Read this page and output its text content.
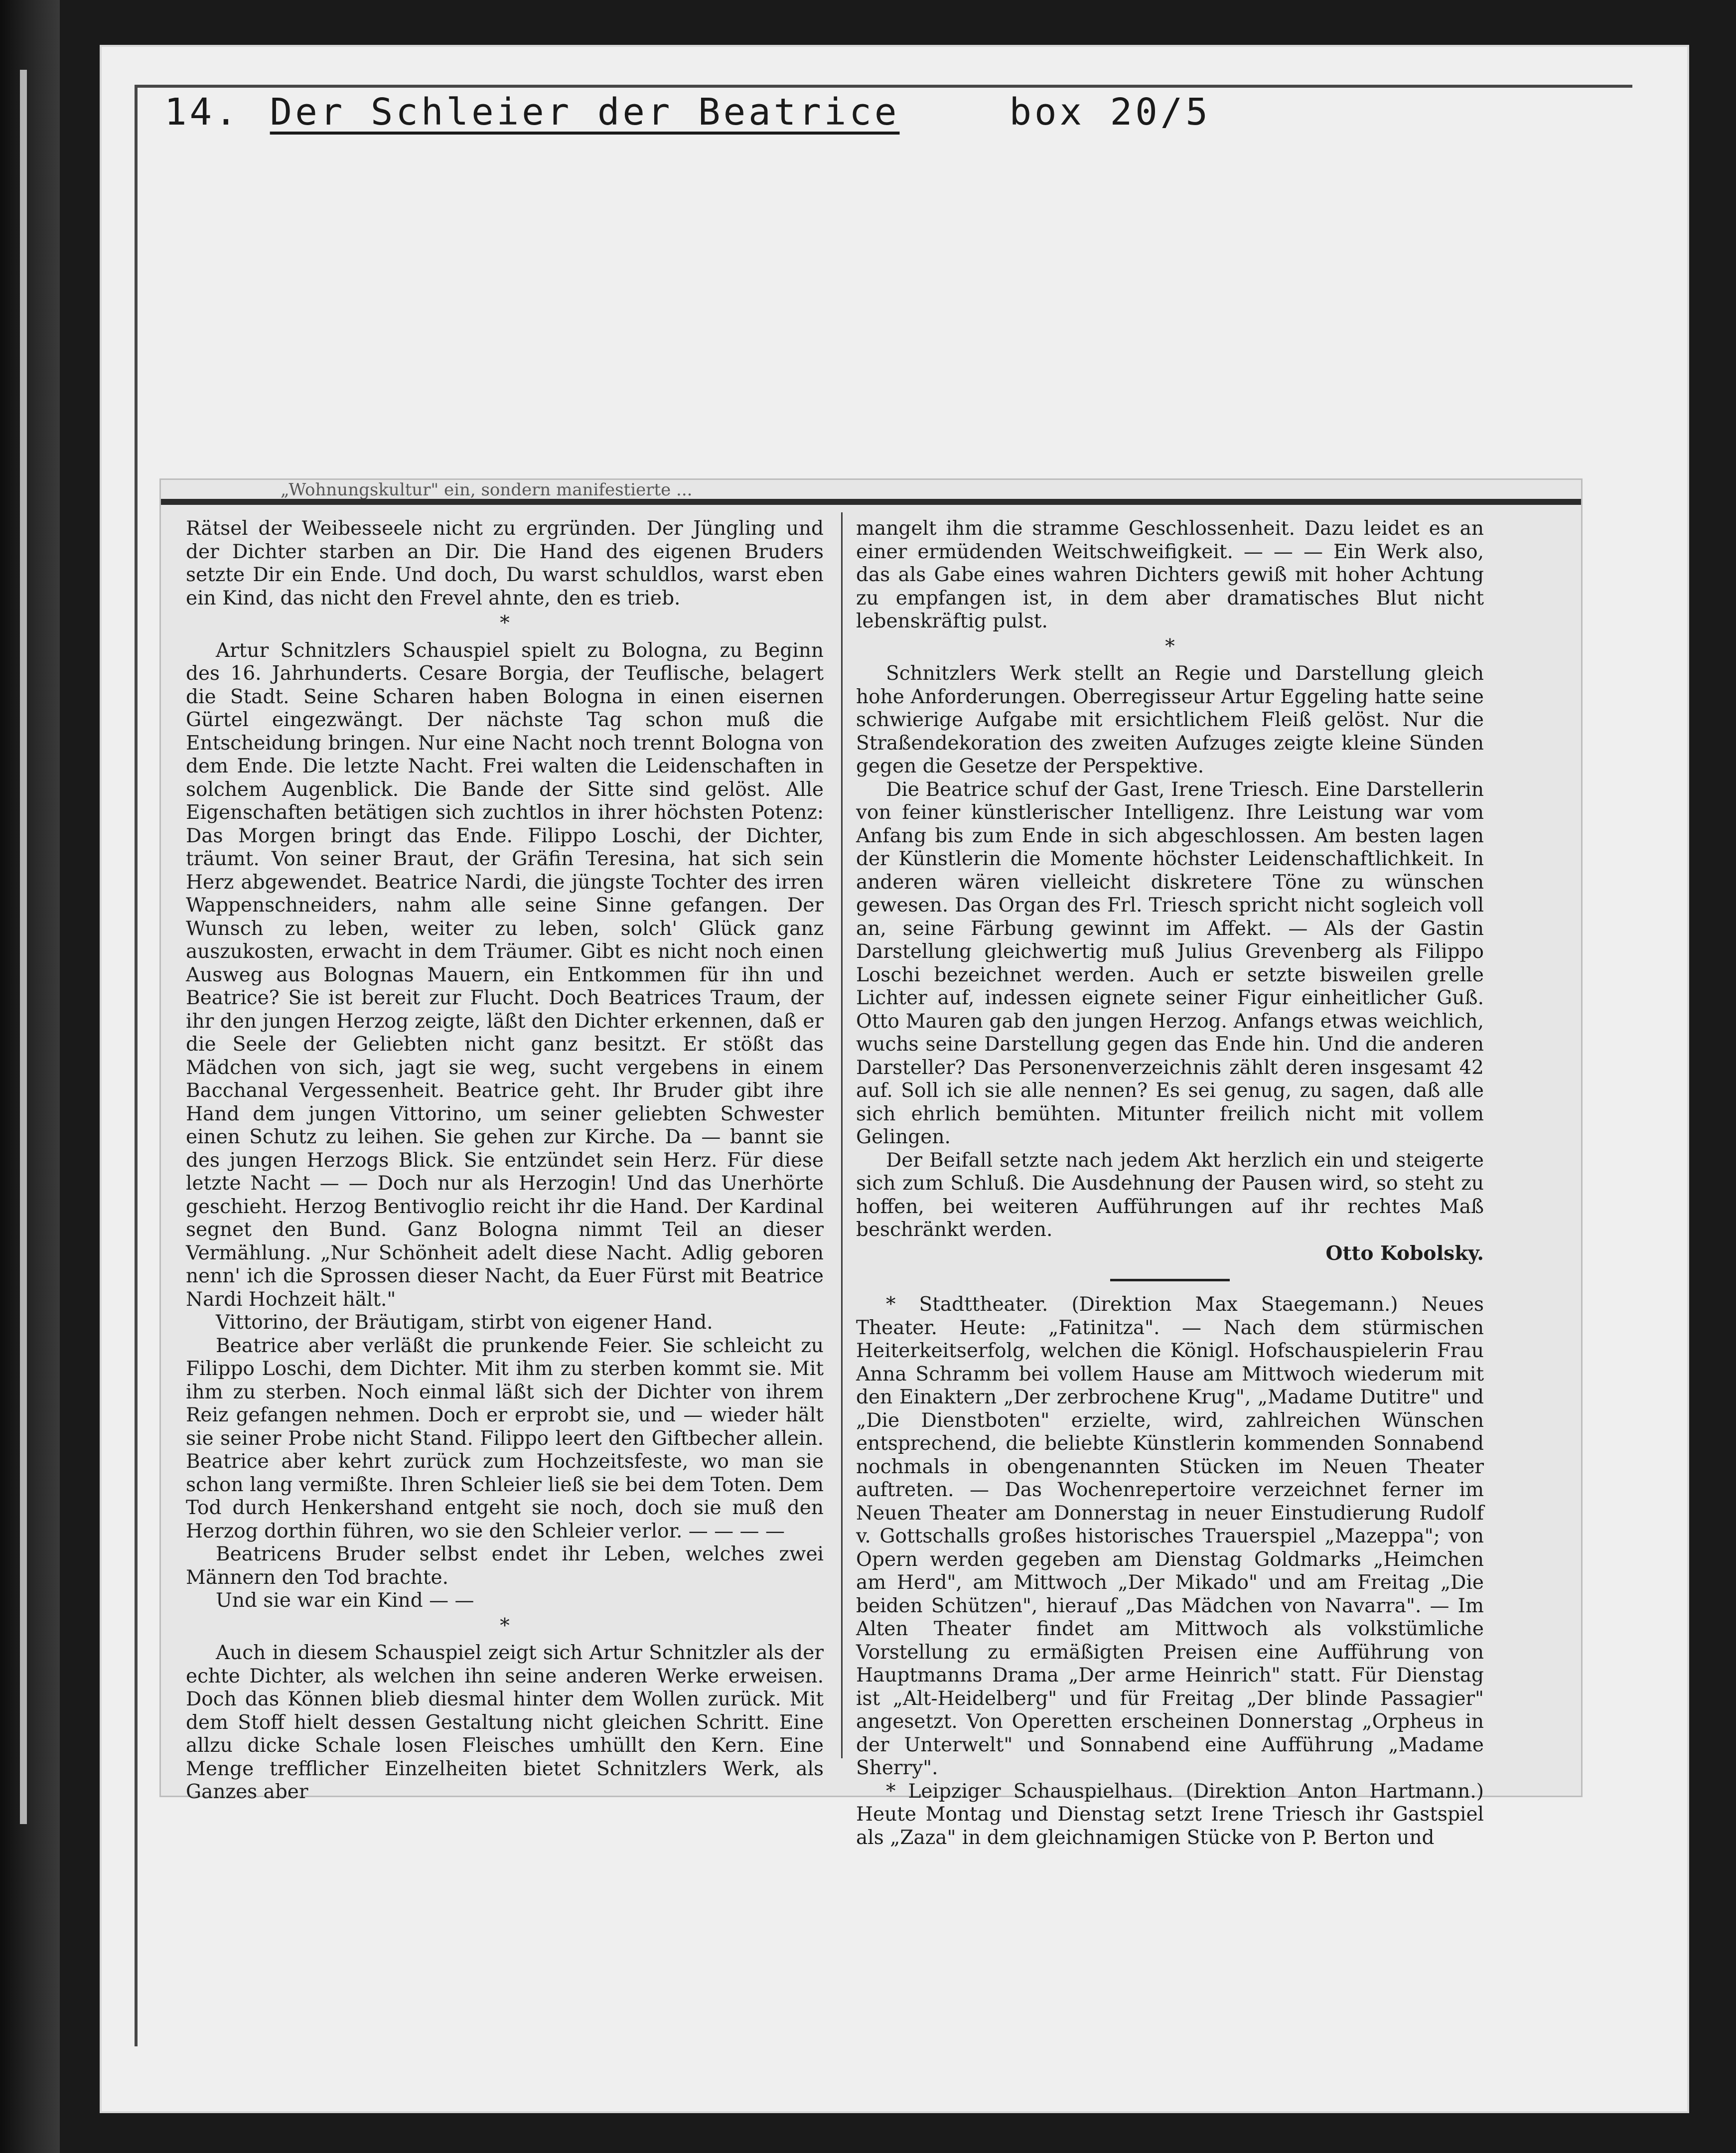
14. Der Schleier der Beatrice	box 20/5
„Wohnungskultur" ein, sondern manifestierte ...

Rätsel der Weibesseele nicht zu ergründen. Der Jüngling und der Dichter starben an Dir. Die Hand des eigenen Bruders setzte Dir ein Ende. Und doch, Du warst schuldlos, warst eben ein Kind, das nicht den Frevel ahnte, den es trieb.

*

Artur Schnitzlers Schauspiel spielt zu Bologna, zu Beginn des 16. Jahrhunderts. Cesare Borgia, der Teuflische, belagert die Stadt. Seine Scharen haben Bologna in einen eisernen Gürtel eingezwängt. Der nächste Tag schon muß die Entscheidung bringen. Nur eine Nacht noch trennt Bologna von dem Ende. Die letzte Nacht. Frei walten die Leidenschaften in solchem Augenblick. Die Bande der Sitte sind gelöst. Alle Eigenschaften betätigen sich zuchtlos in ihrer höchsten Potenz: Das Morgen bringt das Ende. Filippo Loschi, der Dichter, träumt. Von seiner Braut, der Gräfin Teresina, hat sich sein Herz abgewendet. Beatrice Nardi, die jüngste Tochter des irren Wappenschneiders, nahm alle seine Sinne gefangen. Der Wunsch zu leben, weiter zu leben, solch' Glück ganz auszukosten, erwacht in dem Träumer. Gibt es nicht noch einen Ausweg aus Bolognas Mauern, ein Entkommen für ihn und Beatrice? Sie ist bereit zur Flucht. Doch Beatrices Traum, der ihr den jungen Herzog zeigte, läßt den Dichter erkennen, daß er die Seele der Geliebten nicht ganz besitzt. Er stößt das Mädchen von sich, jagt sie weg, sucht vergebens in einem Bacchanal Vergessenheit. Beatrice geht. Ihr Bruder gibt ihre Hand dem jungen Vittorino, um seiner geliebten Schwester einen Schutz zu leihen. Sie gehen zur Kirche. Da — bannt sie des jungen Herzogs Blick. Sie entzündet sein Herz. Für diese letzte Nacht — — Doch nur als Herzogin! Und das Unerhörte geschieht. Herzog Bentivoglio reicht ihr die Hand. Der Kardinal segnet den Bund. Ganz Bologna nimmt Teil an dieser Vermählung. „Nur Schönheit adelt diese Nacht. Adlig geboren nenn' ich die Sprossen dieser Nacht, da Euer Fürst mit Beatrice Nardi Hochzeit hält."

Vittorino, der Bräutigam, stirbt von eigener Hand.

Beatrice aber verläßt die prunkende Feier. Sie schleicht zu Filippo Loschi, dem Dichter. Mit ihm zu sterben kommt sie. Mit ihm zu sterben. Noch einmal läßt sich der Dichter von ihrem Reiz gefangen nehmen. Doch er erprobt sie, und — wieder hält sie seiner Probe nicht Stand. Filippo leert den Giftbecher allein. Beatrice aber kehrt zurück zum Hochzeitsfeste, wo man sie schon lang vermißte. Ihren Schleier ließ sie bei dem Toten. Dem Tod durch Henkershand entgeht sie noch, doch sie muß den Herzog dorthin führen, wo sie den Schleier verlor. — — — —

Beatricens Bruder selbst endet ihr Leben, welches zwei Männern den Tod brachte.

Und sie war ein Kind — —

*

Auch in diesem Schauspiel zeigt sich Artur Schnitzler als der echte Dichter, als welchen ihn seine anderen Werke erweisen. Doch das Können blieb diesmal hinter dem Wollen zurück. Mit dem Stoff hielt dessen Gestaltung nicht gleichen Schritt. Eine allzu dicke Schale losen Fleisches umhüllt den Kern. Eine Menge trefflicher Einzelheiten bietet Schnitzlers Werk, als Ganzes aber

mangelt ihm die stramme Geschlossenheit. Dazu leidet es an einer ermüdenden Weitschweifigkeit. — — — Ein Werk also, das als Gabe eines wahren Dichters gewiß mit hoher Achtung zu empfangen ist, in dem aber dramatisches Blut nicht lebenskräftig pulst.

*

Schnitzlers Werk stellt an Regie und Darstellung gleich hohe Anforderungen. Oberregisseur Artur Eggeling hatte seine schwierige Aufgabe mit ersichtlichem Fleiß gelöst. Nur die Straßendekoration des zweiten Aufzuges zeigte kleine Sünden gegen die Gesetze der Perspektive.

Die Beatrice schuf der Gast, Irene Triesch. Eine Darstellerin von feiner künstlerischer Intelligenz. Ihre Leistung war vom Anfang bis zum Ende in sich abgeschlossen. Am besten lagen der Künstlerin die Momente höchster Leidenschaftlichkeit. In anderen wären vielleicht diskretere Töne zu wünschen gewesen. Das Organ des Frl. Triesch spricht nicht sogleich voll an, seine Färbung gewinnt im Affekt. — Als der Gastin Darstellung gleichwertig muß Julius Grevenberg als Filippo Loschi bezeichnet werden. Auch er setzte bisweilen grelle Lichter auf, indessen eignete seiner Figur einheitlicher Guß. Otto Mauren gab den jungen Herzog. Anfangs etwas weichlich, wuchs seine Darstellung gegen das Ende hin. Und die anderen Darsteller? Das Personenverzeichnis zählt deren insgesamt 42 auf. Soll ich sie alle nennen? Es sei genug, zu sagen, daß alle sich ehrlich bemühten. Mitunter freilich nicht mit vollem Gelingen.

Der Beifall setzte nach jedem Akt herzlich ein und steigerte sich zum Schluß. Die Ausdehnung der Pausen wird, so steht zu hoffen, bei weiteren Aufführungen auf ihr rechtes Maß beschränkt werden.

Otto Kobolsky.

* Stadttheater. (Direktion Max Staegemann.) Neues Theater. Heute: „Fatinitza". — Nach dem stürmischen Heiterkeitserfolg, welchen die Königl. Hofschauspielerin Frau Anna Schramm bei vollem Hause am Mittwoch wiederum mit den Einaktern „Der zerbrochene Krug", „Madame Dutitre" und „Die Dienstboten" erzielte, wird, zahlreichen Wünschen entsprechend, die beliebte Künstlerin kommenden Sonnabend nochmals in obengenannten Stücken im Neuen Theater auftreten. — Das Wochenrepertoire verzeichnet ferner im Neuen Theater am Donnerstag in neuer Einstudierung Rudolf v. Gottschalls großes historisches Trauerspiel „Mazeppa"; von Opern werden gegeben am Dienstag Goldmarks „Heimchen am Herd", am Mittwoch „Der Mikado" und am Freitag „Die beiden Schützen", hierauf „Das Mädchen von Navarra". — Im Alten Theater findet am Mittwoch als volkstümliche Vorstellung zu ermäßigten Preisen eine Aufführung von Hauptmanns Drama „Der arme Heinrich" statt. Für Dienstag ist „Alt-Heidelberg" und für Freitag „Der blinde Passagier" angesetzt. Von Operetten erscheinen Donnerstag „Orpheus in der Unterwelt" und Sonnabend eine Aufführung „Madame Sherry".

* Leipziger Schauspielhaus. (Direktion Anton Hartmann.) Heute Montag und Dienstag setzt Irene Triesch ihr Gastspiel als „Zaza" in dem gleichnamigen Stücke von P. Berton und
